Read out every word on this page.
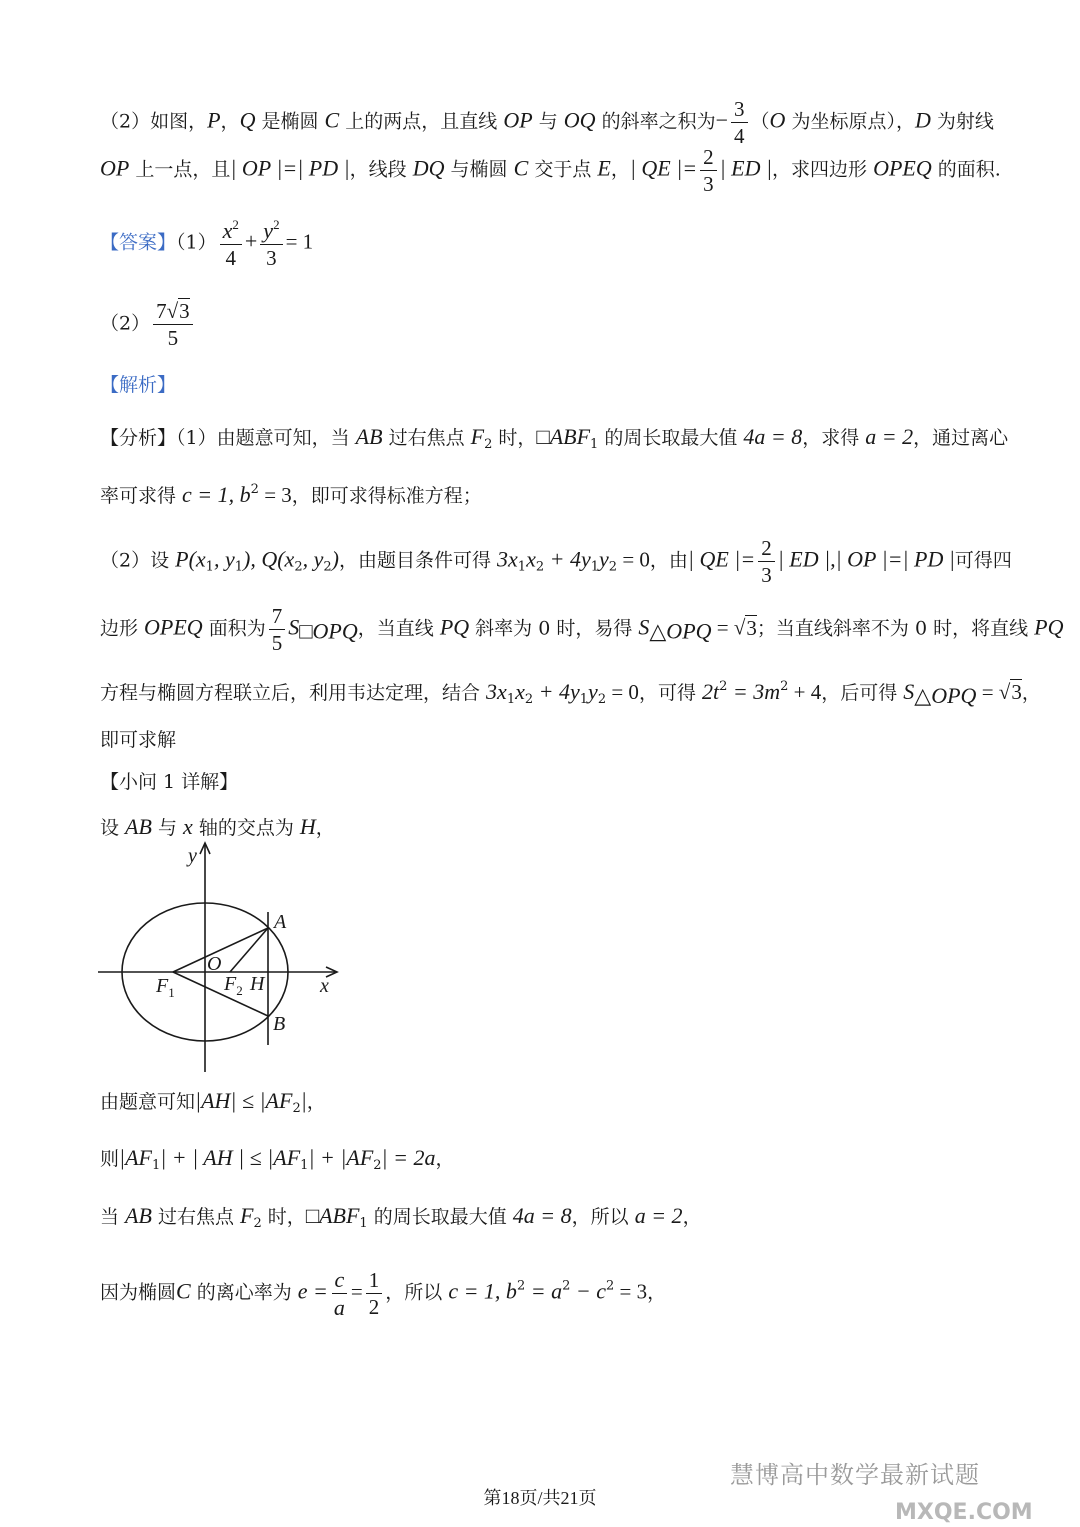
（2）如图，P，Q 是椭圆 C 上的两点，且直线 OP 与 OQ 的斜率之积为− $\frac{3}{4} (O$ 为坐标原点），D 为射线
OP 上一点，且| OP |=| PD |，线段 DQ 与椭圆 C 交于点 E，| QE |= $\frac{2}{3}$ | ED |，求四边形 OPEQ 的面积.
【答案】$(1) \frac{x^2}{4} + \frac{y^2}{3} = 1$
$(2) \frac{7√3}{5}$
【解析】
【分析】（1）由题意可知，当 AB 过右焦点 $F_2$ 时，$□ABF_1$ 的周长取最大值 4a = 8，求得 a = 2，通过离心
率可求得 c = 1, $b^2 = 3$，即可求得标准方程；
（2）设 $P(x_1$, $y_1$), $Q(x_2$, $y_2$)，由题目条件可得 $3x_1x_2 + 4y_1y_2 = 0$，由| QE |= $\frac{2}{3}$ | ED |,| OP |=| PD |可得四
边形 OPEQ 面积为 $\frac{7}{5} S_{□OPQ}$，当直线 PQ 斜率为 0 时，易得 $S_{\triangle OPQ} = √3$；当直线斜率不为 0 时，将直线 PQ
方程与椭圆方程联立后，利用韦达定理，结合 $3x_1x_2 + 4y_1y_2 = 0$，可得 $2t^2 = 3m^2 + 4$，后可得 $S_{\triangle OPQ} = √3$，
即可求解
【小问 1 详解】
设 AB 与 x 轴的交点为 H，
y
x
O
A
B
$F_1$ $F_2$ H
由题意可知$|AH| \le |AF_2|$，
则$|AF_1|$ + | AH | ≤ $|AF_1| + |AF_2| = 2a$，
当 AB 过右焦点 $F_2$ 时，$□ABF_1$ 的周长取最大值 4a = 8，所以 a = 2，
因为椭圆C 的离心率为 $e = \frac{c}{a} = \frac{1}{2}$ ，所以 c = 1, $b^2 = a^2 - c^2 = 3$，
慧博高中数学最新试题
MXQE.COM
第18页/共21页
